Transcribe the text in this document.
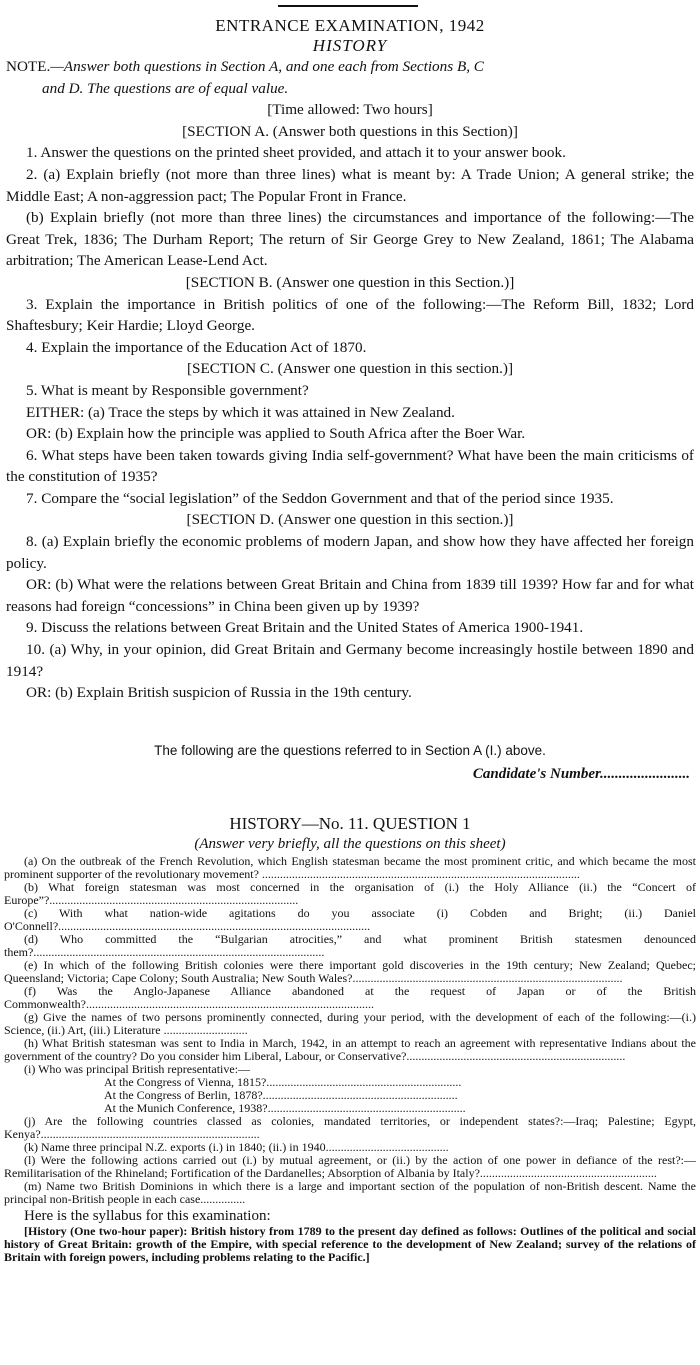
ENTRANCE EXAMINATION, 1942
HISTORY

NOTE.—Answer both questions in Section A, and one each from Sections B, C

and D. The questions are of equal value.

[Time allowed: Two hours]

[SECTION A. (Answer both questions in this Section)]

1. Answer the questions on the printed sheet provided, and attach it to your answer book.

2. (a) Explain briefly (not more than three lines) what is meant by: A Trade Union; A general strike; the Middle East; A non-aggression pact; The Popular Front in France.

(b) Explain briefly (not more than three lines) the circumstances and importance of the following:—The Great Trek, 1836; The Durham Report; The return of Sir George Grey to New Zealand, 1861; The Alabama arbitration; The American Lease-Lend Act.

[SECTION B. (Answer one question in this Section.)]

3. Explain the importance in British politics of one of the following:—The Reform Bill, 1832; Lord Shaftesbury; Keir Hardie; Lloyd George.

4. Explain the importance of the Education Act of 1870.

[SECTION C. (Answer one question in this section.)]

5. What is meant by Responsible government?

EITHER: (a) Trace the steps by which it was attained in New Zealand.

OR: (b) Explain how the principle was applied to South Africa after the Boer War.

6. What steps have been taken towards giving India self-government? What have been the main criticisms of the constitution of 1935?

7. Compare the “social legislation” of the Seddon Government and that of the period since 1935.

[SECTION D. (Answer one question in this section.)]

8. (a) Explain briefly the economic problems of modern Japan, and show how they have affected her foreign policy.

OR: (b) What were the relations between Great Britain and China from 1839 till 1939? How far and for what reasons had foreign “concessions” in China been given up by 1939?

9. Discuss the relations between Great Britain and the United States of America 1900-1941.

10. (a) Why, in your opinion, did Great Britain and Germany become increasingly hostile between 1890 and 1914?

OR: (b) Explain British suspicion of Russia in the 19th century.

The following are the questions referred to in Section A (I.) above.
Candidate's Number........................
HISTORY—No. 11. QUESTION 1
(Answer very briefly, all the questions on this sheet)

(a) On the outbreak of the French Revolution, which English statesman became the most prominent critic, and which became the most prominent supporter of the revolutionary movement? ..........................................................................................................

(b) What foreign statesman was most concerned in the organisation of (i.) the Holy Alliance (ii.) the “Concert of Europe”?...................................................................................

(c) With what nation-wide agitations do you associate (i) Cobden and Bright; (ii.) Daniel O'Connell?........................................................................................................

(d) Who committed the “Bulgarian atrocities,” and what prominent British statesmen denounced them?.................................................................................................

(e) In which of the following British colonies were there important gold discoveries in the 19th century; New Zealand; Quebec; Queensland; Victoria; Cape Colony; South Australia; New South Wales?..........................................................................................

(f) Was the Anglo-Japanese Alliance abandoned at the request of Japan or of the British Commonwealth?................................................................................................

(g) Give the names of two persons prominently connected, during your period, with the development of each of the following:—(i.) Science, (ii.) Art, (iii.) Literature ............................

(h) What British statesman was sent to India in March, 1942, in an attempt to reach an agreement with representative Indians about the government of the country? Do you consider him Liberal, Labour, or Conservative?.........................................................................

(i) Who was principal British representative:—

At the Congress of Vienna, 1815?.................................................................

At the Congress of Berlin, 1878?.................................................................

At the Munich Conference, 1938?..................................................................

(j) Are the following countries classed as colonies, mandated territories, or independent states?:—Iraq; Palestine; Egypt, Kenya?.........................................................................

(k) Name three principal N.Z. exports (i.) in 1840; (ii.) in 1940.........................................

(l) Were the following actions carried out (i.) by mutual agreement, or (ii.) by the action of one power in defiance of the rest?:—Remilitarisation of the Rhineland; Fortification of the Dardanelles; Absorption of Albania by Italy?...........................................................

(m) Name two British Dominions in which there is a large and important section of the population of non-British descent. Name the principal non-British people in each case...............

Here is the syllabus for this examination:

[History (One two-hour paper): British history from 1789 to the present day defined as follows: Outlines of the political and social history of Great Britain: growth of the Empire, with special reference to the development of New Zealand; survey of the relations of Britain with foreign powers, including problems relating to the Pacific.]
